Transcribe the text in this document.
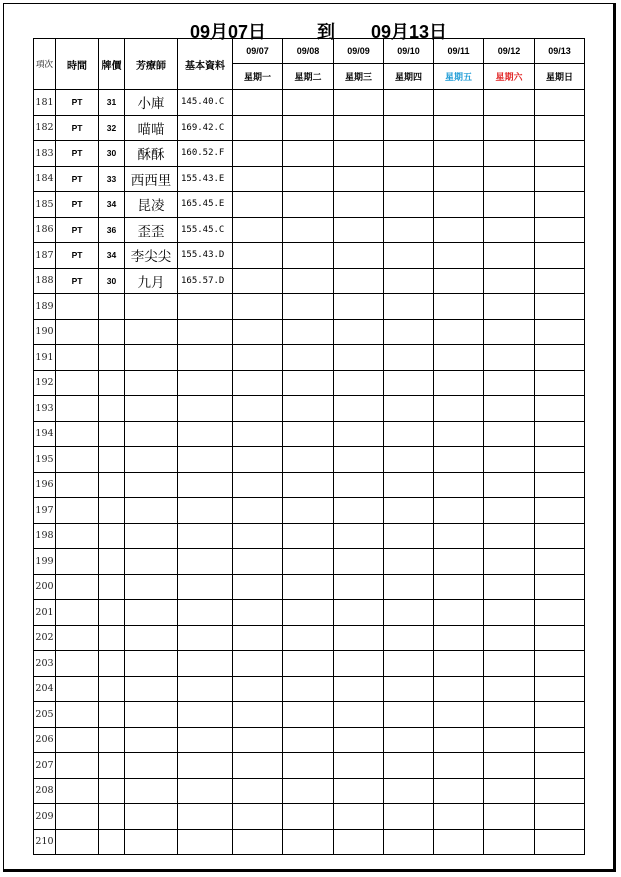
09月07日	到 09月13日
項次	時間	牌價	芳療師	基本資料	09/07	09/08	09/09	09/10	09/11	09/12	09/13
					星期一	星期二	星期三	星期四	星期五	星期六	星期日
181	PT	31	小庫	145.40.C							
182	PT	32	喵喵	169.42.C							
183	PT	30	酥酥	160.52.F							
184	PT	33	西西里	155.43.E							
185	PT	34	昆凌	165.45.E							
186	PT	36	歪歪	155.45.C							
187	PT	34	李尖尖	155.43.D							
188	PT	30	九月	165.57.D							
189											
190											
191											
192											
193											
194											
195											
196											
197											
198											
199											
200											
201											
202											
203											
204											
205											
206											
207											
208											
209											
210											
